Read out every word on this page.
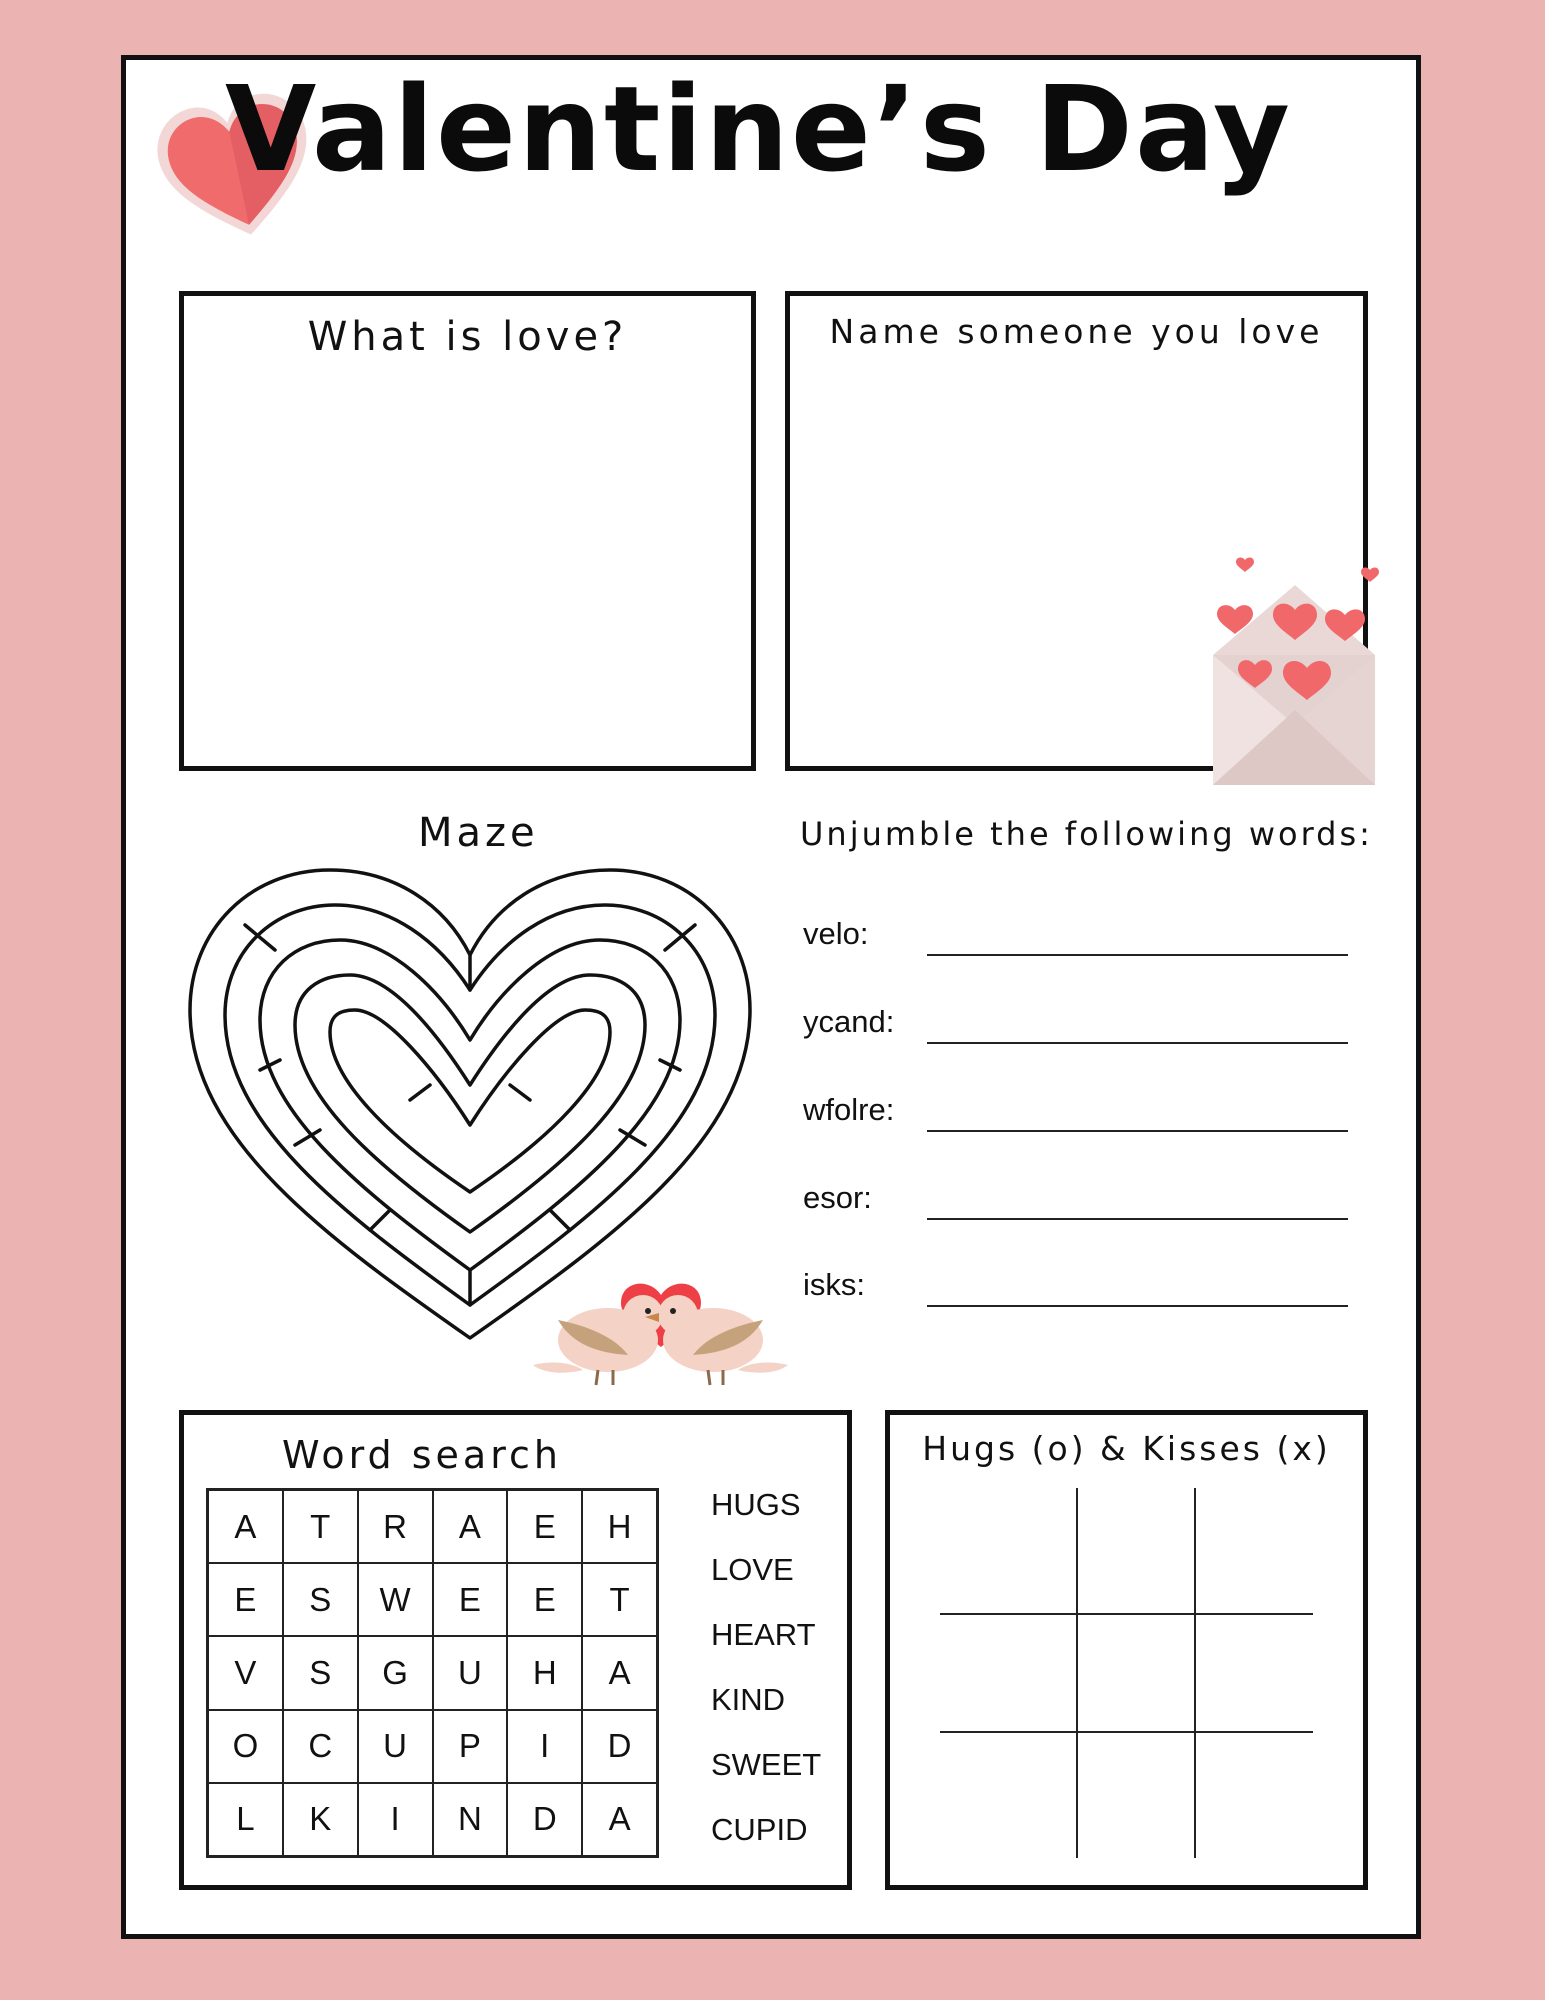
Valentine’s Day
What is love?	Name someone you love
Maze	Unjumble the following words:
velo:
ycand:
wfolre:
esor:
isks:
Word search
A	T	R	A	E	H
E	S	W	E	E	T
V	S	G	U	H	A
O	C	U	P	I	D
L	K	I	N	D	A
HUGS
LOVE
HEART
KIND
SWEET
CUPID
Hugs (o) & Kisses (x)
